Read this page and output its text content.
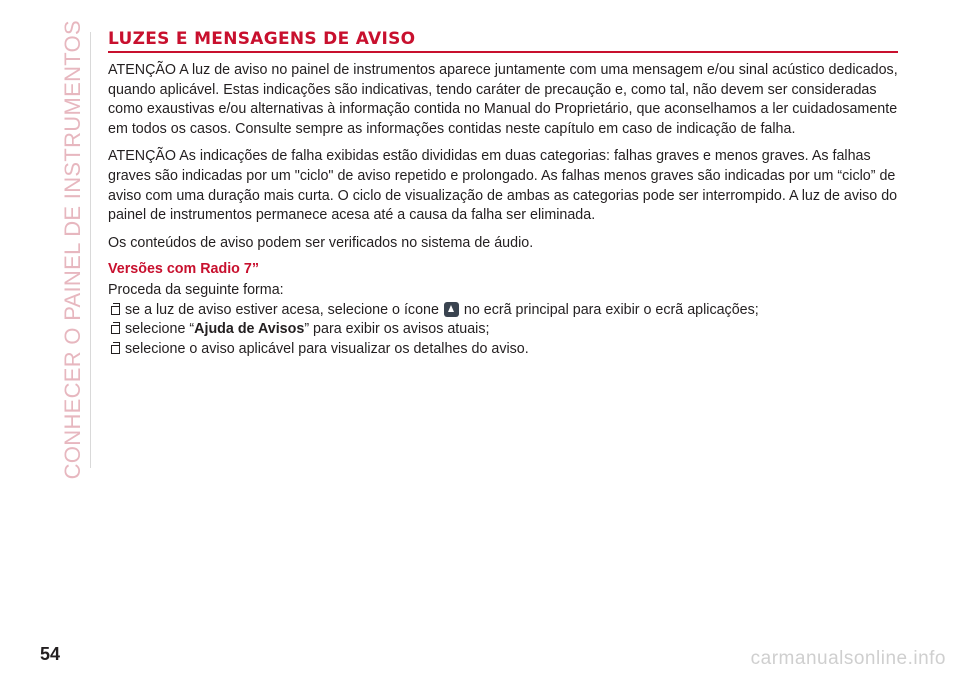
CONHECER O PAINEL DE INSTRUMENTOS LUZES E MENSAGENS DE AVISO

ATENÇÃO A luz de aviso no painel de instrumentos aparece juntamente com uma mensagem e/ou sinal acústico dedicados, quando aplicável. Estas indicações são indicativas, tendo caráter de precaução e, como tal, não devem ser consideradas como exaustivas e/ou alternativas à informação contida no Manual do Proprietário, que aconselhamos a ler cuidadosamente em todos os casos. Consulte sempre as informações contidas neste capítulo em caso de indicação de falha.

ATENÇÃO As indicações de falha exibidas estão divididas em duas categorias: falhas graves e menos graves. As falhas graves são indicadas por um "ciclo" de aviso repetido e prolongado. As falhas menos graves são indicadas por um “ciclo” de aviso com uma duração mais curta. O ciclo de visualização de ambas as categorias pode ser interrompido. A luz de aviso do painel de instrumentos permanece acesa até a causa da falha ser eliminada.

Os conteúdos de aviso podem ser verificados no sistema de áudio.

Versões com Radio 7”

Proceda da seguinte forma:

se a luz de aviso estiver acesa, selecione o ícone no ecrã principal para exibir o ecrã aplicações;
selecione “Ajuda de Avisos” para exibir os avisos atuais;
selecione o aviso aplicável para visualizar os detalhes do aviso.
54	carmanualsonline.info
